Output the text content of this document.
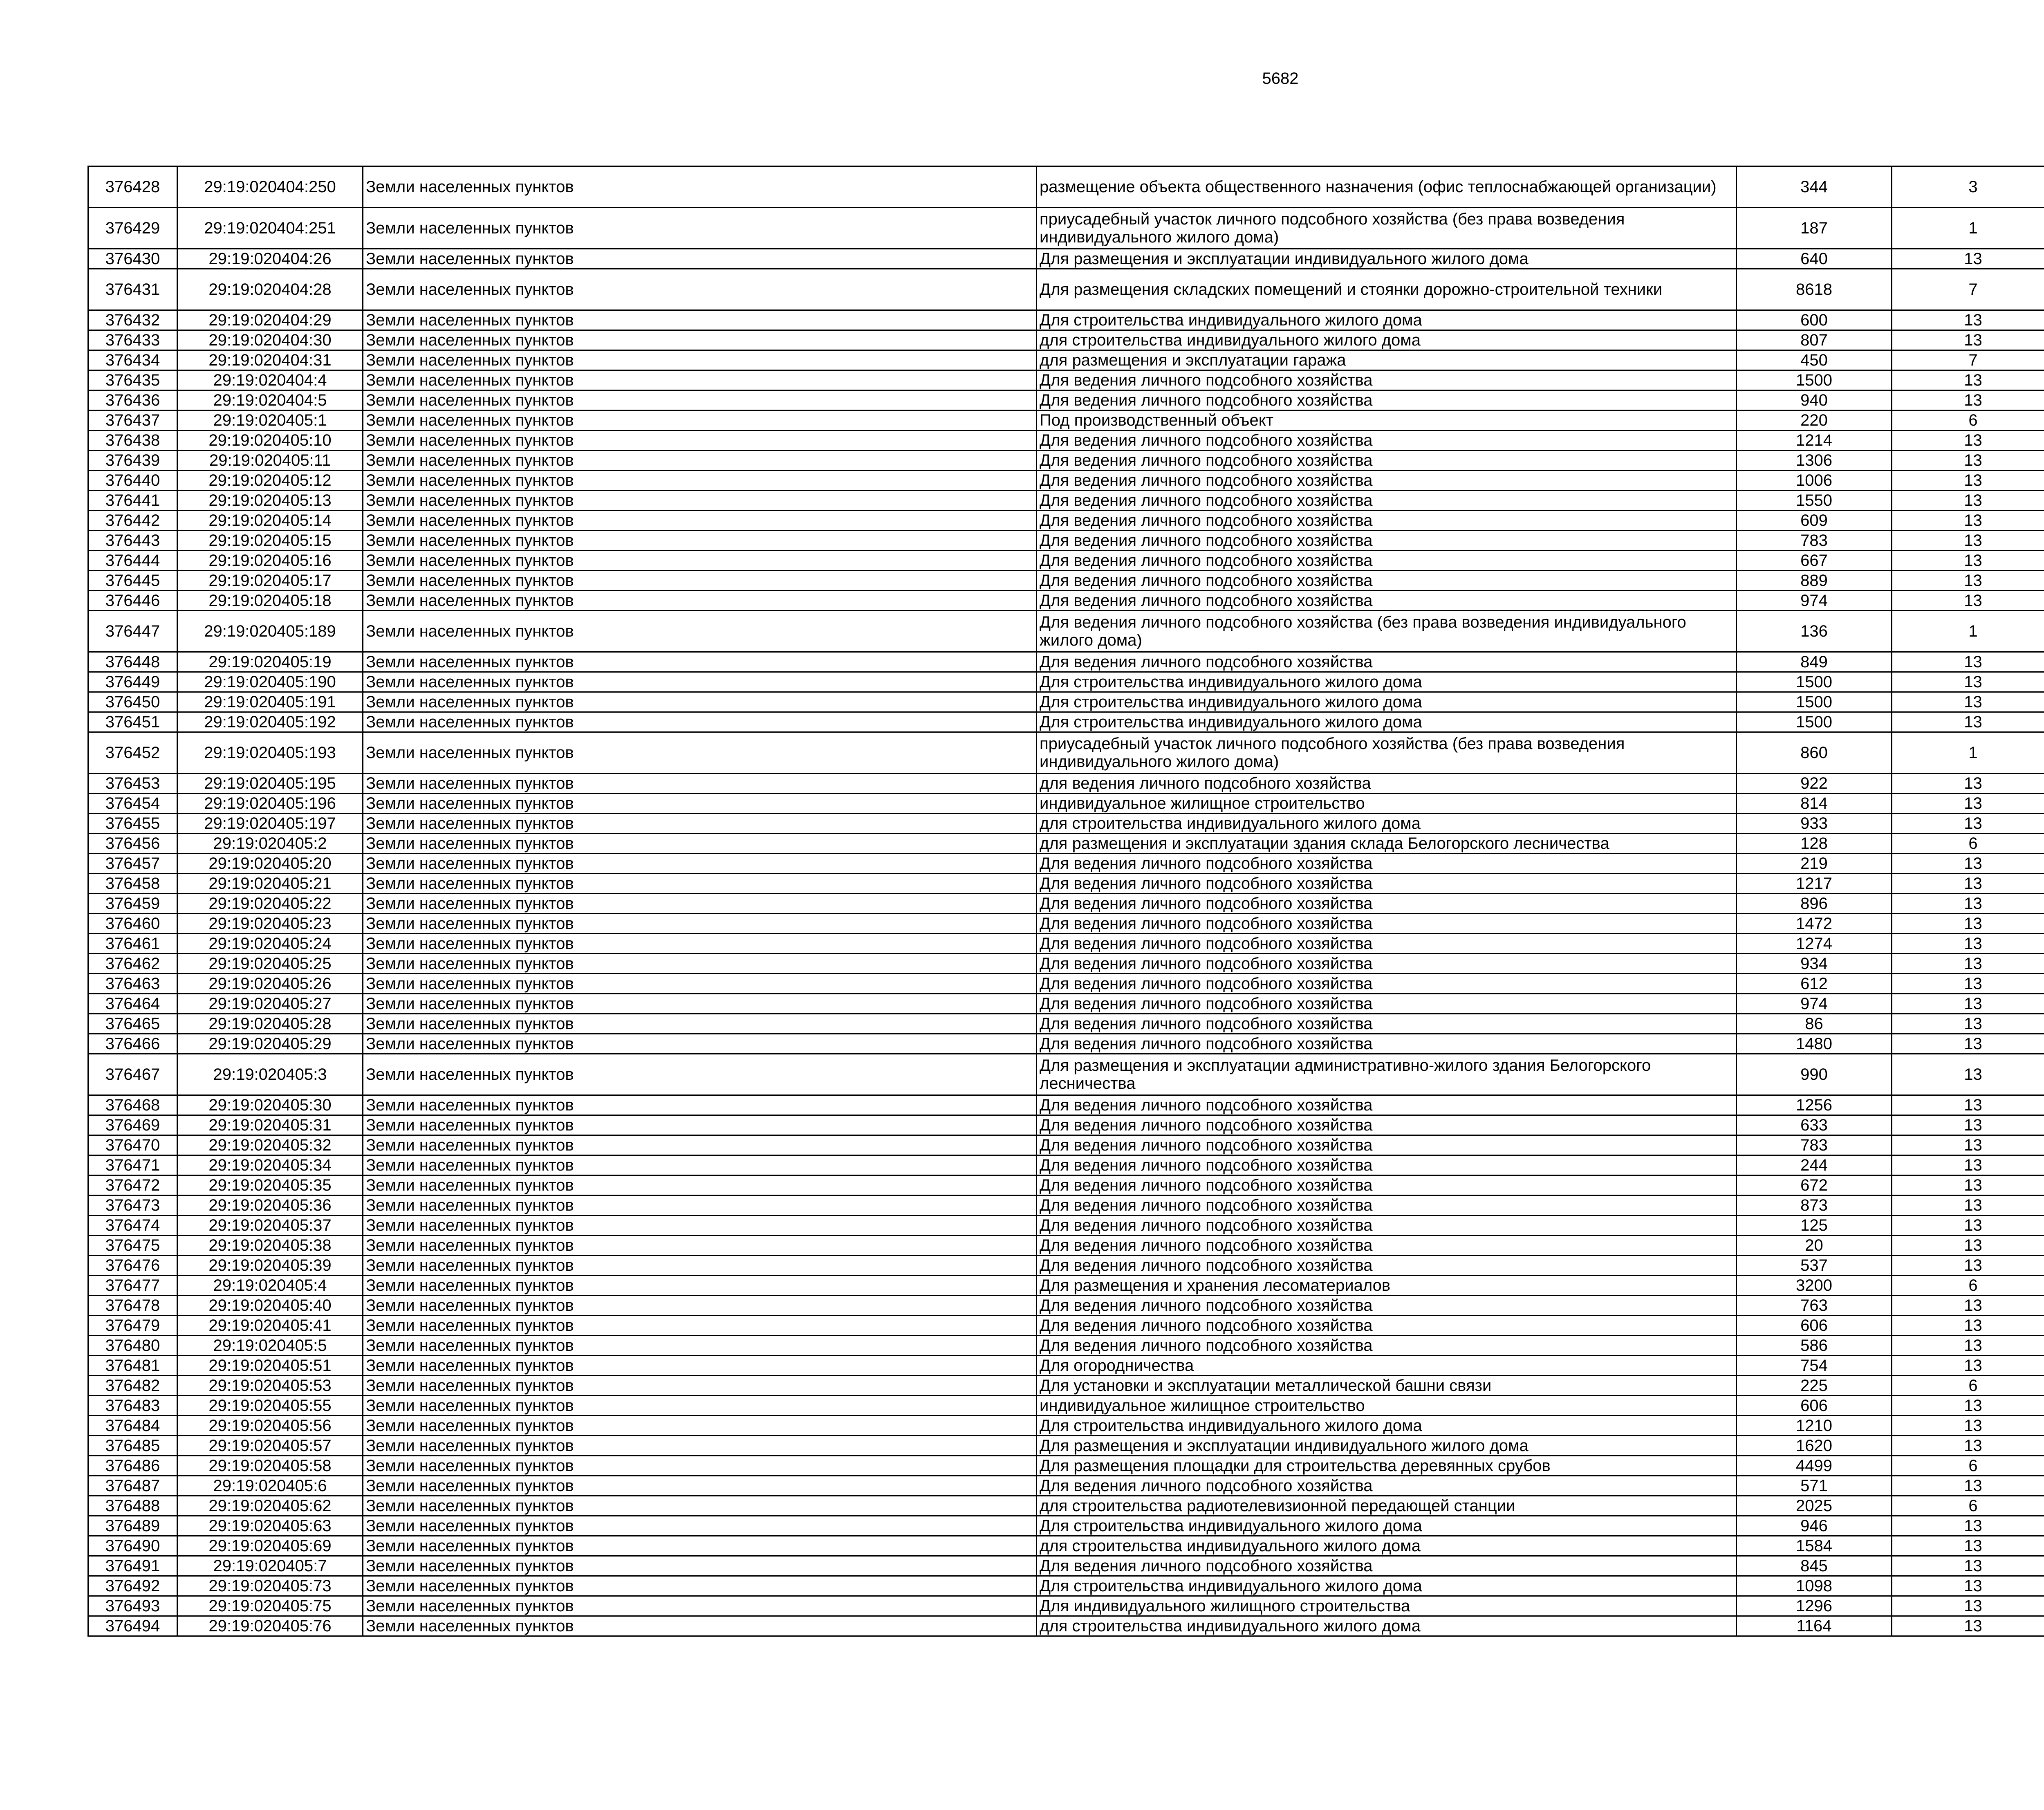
5682
376428	29:19:020404:250	Земли населенных пунктов	размещение объекта общественного назначения (офис теплоснабжающей организации)	344	3		
376429	29:19:020404:251	Земли населенных пунктов	приусадебный участок личного подсобного хозяйства (без права возведения индивидуального жилого дома)	187	1		
376430	29:19:020404:26	Земли населенных пунктов	Для размещения и эксплуатации индивидуального жилого дома	640	13		
376431	29:19:020404:28	Земли населенных пунктов	Для размещения складских помещений и стоянки дорожно-строительной техники	8618	7		
376432	29:19:020404:29	Земли населенных пунктов	Для строительства индивидуального жилого дома	600	13		
376433	29:19:020404:30	Земли населенных пунктов	для строительства индивидуального жилого дома	807	13		
376434	29:19:020404:31	Земли населенных пунктов	для размещения и эксплуатации гаража	450	7		
376435	29:19:020404:4	Земли населенных пунктов	Для ведения личного подсобного хозяйства	1500	13		
376436	29:19:020404:5	Земли населенных пунктов	Для ведения личного подсобного хозяйства	940	13		
376437	29:19:020405:1	Земли населенных пунктов	Под производственный объект	220	6		
376438	29:19:020405:10	Земли населенных пунктов	Для ведения личного подсобного хозяйства	1214	13		
376439	29:19:020405:11	Земли населенных пунктов	Для ведения личного подсобного хозяйства	1306	13		
376440	29:19:020405:12	Земли населенных пунктов	Для ведения личного подсобного хозяйства	1006	13		
376441	29:19:020405:13	Земли населенных пунктов	Для ведения личного подсобного хозяйства	1550	13		
376442	29:19:020405:14	Земли населенных пунктов	Для ведения личного подсобного хозяйства	609	13		
376443	29:19:020405:15	Земли населенных пунктов	Для ведения личного подсобного хозяйства	783	13		
376444	29:19:020405:16	Земли населенных пунктов	Для ведения личного подсобного хозяйства	667	13		
376445	29:19:020405:17	Земли населенных пунктов	Для ведения личного подсобного хозяйства	889	13		
376446	29:19:020405:18	Земли населенных пунктов	Для ведения личного подсобного хозяйства	974	13		
376447	29:19:020405:189	Земли населенных пунктов	Для ведения личного подсобного хозяйства (без права возведения индивидуального жилого дома)	136	1		
376448	29:19:020405:19	Земли населенных пунктов	Для ведения личного подсобного хозяйства	849	13		
376449	29:19:020405:190	Земли населенных пунктов	Для строительства индивидуального жилого дома	1500	13		
376450	29:19:020405:191	Земли населенных пунктов	Для строительства индивидуального жилого дома	1500	13		
376451	29:19:020405:192	Земли населенных пунктов	Для строительства индивидуального жилого дома	1500	13		
376452	29:19:020405:193	Земли населенных пунктов	приусадебный участок личного подсобного хозяйства (без права возведения индивидуального жилого дома)	860	1		
376453	29:19:020405:195	Земли населенных пунктов	для ведения личного подсобного хозяйства	922	13		
376454	29:19:020405:196	Земли населенных пунктов	индивидуальное жилищное строительство	814	13		
376455	29:19:020405:197	Земли населенных пунктов	для строительства индивидуального жилого дома	933	13		
376456	29:19:020405:2	Земли населенных пунктов	для размещения и эксплуатации здания склада Белогорского лесничества	128	6		
376457	29:19:020405:20	Земли населенных пунктов	Для ведения личного подсобного хозяйства	219	13		
376458	29:19:020405:21	Земли населенных пунктов	Для ведения личного подсобного хозяйства	1217	13		
376459	29:19:020405:22	Земли населенных пунктов	Для ведения личного подсобного хозяйства	896	13		
376460	29:19:020405:23	Земли населенных пунктов	Для ведения личного подсобного хозяйства	1472	13		
376461	29:19:020405:24	Земли населенных пунктов	Для ведения личного подсобного хозяйства	1274	13		
376462	29:19:020405:25	Земли населенных пунктов	Для ведения личного подсобного хозяйства	934	13		
376463	29:19:020405:26	Земли населенных пунктов	Для ведения личного подсобного хозяйства	612	13		
376464	29:19:020405:27	Земли населенных пунктов	Для ведения личного подсобного хозяйства	974	13		
376465	29:19:020405:28	Земли населенных пунктов	Для ведения личного подсобного хозяйства	86	13		
376466	29:19:020405:29	Земли населенных пунктов	Для ведения личного подсобного хозяйства	1480	13		
376467	29:19:020405:3	Земли населенных пунктов	Для размещения и эксплуатации административно-жилого здания Белогорского лесничества	990	13		
376468	29:19:020405:30	Земли населенных пунктов	Для ведения личного подсобного хозяйства	1256	13		
376469	29:19:020405:31	Земли населенных пунктов	Для ведения личного подсобного хозяйства	633	13		
376470	29:19:020405:32	Земли населенных пунктов	Для ведения личного подсобного хозяйства	783	13		
376471	29:19:020405:34	Земли населенных пунктов	Для ведения личного подсобного хозяйства	244	13		
376472	29:19:020405:35	Земли населенных пунктов	Для ведения личного подсобного хозяйства	672	13		
376473	29:19:020405:36	Земли населенных пунктов	Для ведения личного подсобного хозяйства	873	13		
376474	29:19:020405:37	Земли населенных пунктов	Для ведения личного подсобного хозяйства	125	13		
376475	29:19:020405:38	Земли населенных пунктов	Для ведения личного подсобного хозяйства	20	13		
376476	29:19:020405:39	Земли населенных пунктов	Для ведения личного подсобного хозяйства	537	13		
376477	29:19:020405:4	Земли населенных пунктов	Для размещения и хранения лесоматериалов	3200	6		
376478	29:19:020405:40	Земли населенных пунктов	Для ведения личного подсобного хозяйства	763	13		
376479	29:19:020405:41	Земли населенных пунктов	Для ведения личного подсобного хозяйства	606	13		
376480	29:19:020405:5	Земли населенных пунктов	Для ведения личного подсобного хозяйства	586	13		
376481	29:19:020405:51	Земли населенных пунктов	Для огородничества	754	13		
376482	29:19:020405:53	Земли населенных пунктов	Для установки и эксплуатации металлической башни связи	225	6		
376483	29:19:020405:55	Земли населенных пунктов	индивидуальное жилищное строительство	606	13		
376484	29:19:020405:56	Земли населенных пунктов	Для строительства индивидуального жилого дома	1210	13		
376485	29:19:020405:57	Земли населенных пунктов	Для размещения и эксплуатации индивидуального жилого дома	1620	13		
376486	29:19:020405:58	Земли населенных пунктов	Для размещения площадки для строительства деревянных срубов	4499	6		
376487	29:19:020405:6	Земли населенных пунктов	Для ведения личного подсобного хозяйства	571	13		
376488	29:19:020405:62	Земли населенных пунктов	для строительства радиотелевизионной передающей станции	2025	6		
376489	29:19:020405:63	Земли населенных пунктов	Для строительства индивидуального жилого дома	946	13		
376490	29:19:020405:69	Земли населенных пунктов	для строительства индивидуального жилого дома	1584	13		
376491	29:19:020405:7	Земли населенных пунктов	Для ведения личного подсобного хозяйства	845	13		
376492	29:19:020405:73	Земли населенных пунктов	Для строительства индивидуального жилого дома	1098	13		
376493	29:19:020405:75	Земли населенных пунктов	Для индивидуального жилищного строительства	1296	13		
376494	29:19:020405:76	Земли населенных пунктов	для строительства индивидуального жилого дома	1164	13		
